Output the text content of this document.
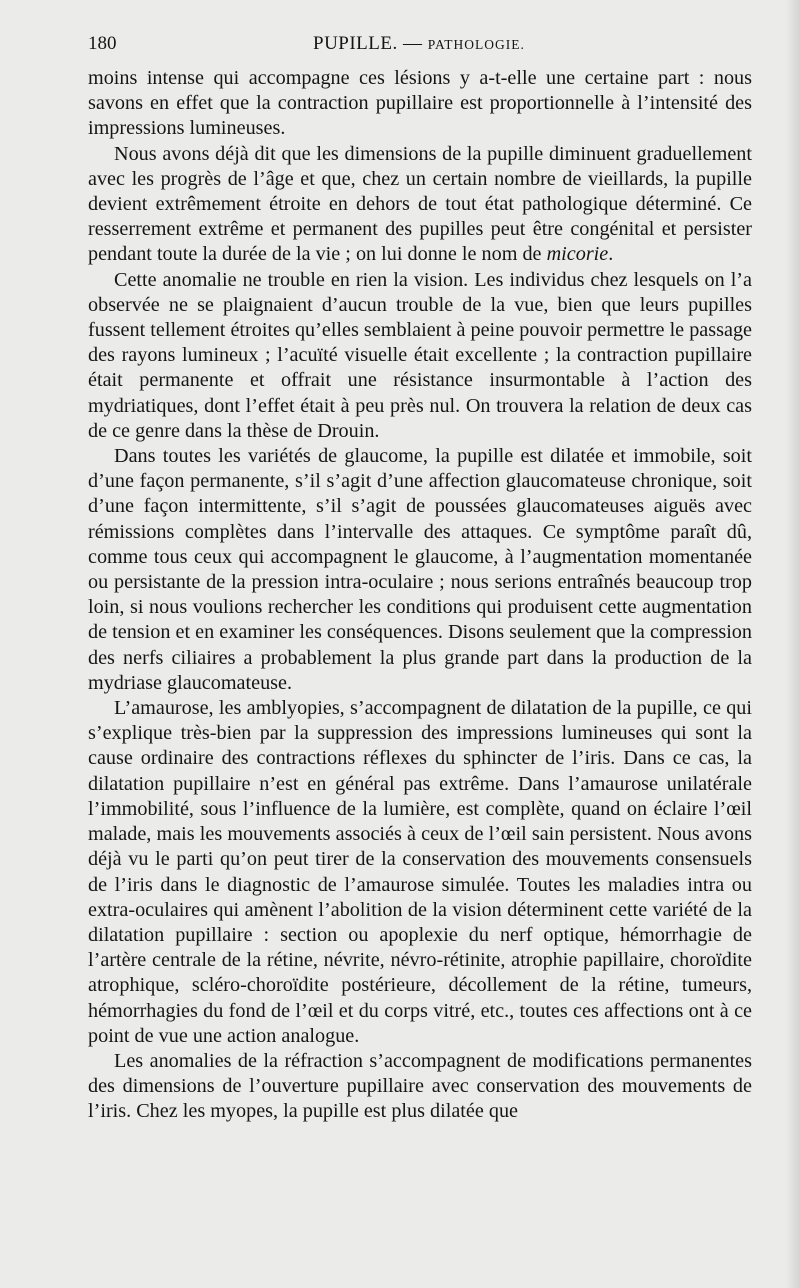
180	PUPILLE. — PATHOLOGIE.

moins intense qui accompagne ces lésions y a-t-elle une certaine part : nous savons en effet que la contraction pupillaire est proportionnelle à l’intensité des impressions lumineuses.

Nous avons déjà dit que les dimensions de la pupille diminuent graduellement avec les progrès de l’âge et que, chez un certain nombre de vieillards, la pupille devient extrêmement étroite en dehors de tout état pathologique déterminé. Ce resserrement extrême et permanent des pupilles peut être congénital et persister pendant toute la durée de la vie ; on lui donne le nom de micorie.

Cette anomalie ne trouble en rien la vision. Les individus chez lesquels on l’a observée ne se plaignaient d’aucun trouble de la vue, bien que leurs pupilles fussent tellement étroites qu’elles semblaient à peine pouvoir permettre le passage des rayons lumineux ; l’acuïté visuelle était excellente ; la contraction pupillaire était permanente et offrait une résistance insurmontable à l’action des mydriatiques, dont l’effet était à peu près nul. On trouvera la relation de deux cas de ce genre dans la thèse de Drouin.

Dans toutes les variétés de glaucome, la pupille est dilatée et immobile, soit d’une façon permanente, s’il s’agit d’une affection glaucomateuse chronique, soit d’une façon intermittente, s’il s’agit de poussées glaucomateuses aiguës avec rémissions complètes dans l’intervalle des attaques. Ce symptôme paraît dû, comme tous ceux qui accompagnent le glaucome, à l’augmentation momentanée ou persistante de la pression intra-oculaire ; nous serions entraînés beaucoup trop loin, si nous voulions rechercher les conditions qui produisent cette augmentation de tension et en examiner les conséquences. Disons seulement que la compression des nerfs ciliaires a probablement la plus grande part dans la production de la mydriase glaucomateuse.

L’amaurose, les amblyopies, s’accompagnent de dilatation de la pupille, ce qui s’explique très-bien par la suppression des impressions lumineuses qui sont la cause ordinaire des contractions réflexes du sphincter de l’iris. Dans ce cas, la dilatation pupillaire n’est en général pas extrême. Dans l’amaurose unilatérale l’immobilité, sous l’influence de la lumière, est complète, quand on éclaire l’œil malade, mais les mouvements associés à ceux de l’œil sain persistent. Nous avons déjà vu le parti qu’on peut tirer de la conservation des mouvements consensuels de l’iris dans le diagnostic de l’amaurose simulée. Toutes les maladies intra ou extra-oculaires qui amènent l’abolition de la vision déterminent cette variété de la dilatation pupillaire : section ou apoplexie du nerf optique, hémorrhagie de l’artère centrale de la rétine, névrite, névro-rétinite, atrophie papillaire, choroïdite atrophique, scléro-choroïdite postérieure, décollement de la rétine, tumeurs, hémorrhagies du fond de l’œil et du corps vitré, etc., toutes ces affections ont à ce point de vue une action analogue.

Les anomalies de la réfraction s’accompagnent de modifications permanentes des dimensions de l’ouverture pupillaire avec conservation des mouvements de l’iris. Chez les myopes, la pupille est plus dilatée que
